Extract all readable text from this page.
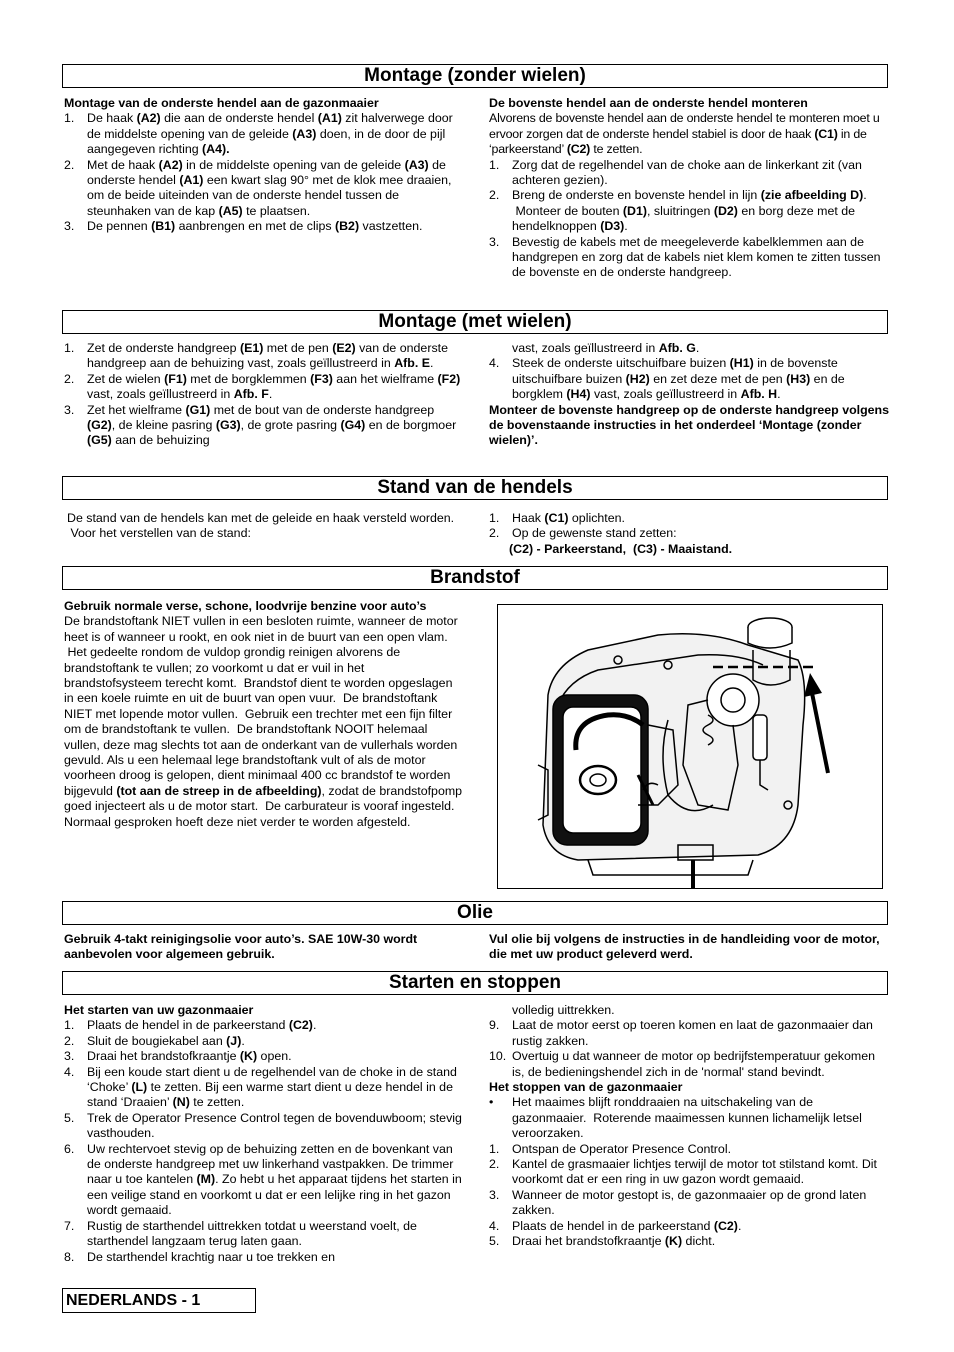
Montage (zonder wielen)

Montage van de onderste hendel aan de gazonmaaier

1. De haak (A2) die aan de onderste hendel (A1) zit halverwege door de middelste opening van de geleide (A3) doen, in de door de pijl aangegeven richting (A4).
2. Met de haak (A2) in de middelste opening van de geleide (A3) de onderste hendel (A1) een kwart slag 90° met de klok mee draaien, om de beide uiteinden van de onderste hendel tussen de steunhaken van de kap (A5) te plaatsen.
3. De pennen (B1) aanbrengen en met de clips (B2) vastzetten.

De bovenste hendel aan de onderste hendel monteren

Alvorens de bovenste hendel aan de onderste hendel te monteren moet u ervoor zorgen dat de onderste hendel stabiel is door de haak (C1) in de ‘parkeerstand’ (C2) te zetten.

1. Zorg dat de regelhendel van de choke aan de linkerkant zit (van achteren gezien).
2. Breng de onderste en bovenste hendel in lijn (zie afbeelding D).  Monteer de bouten (D1), sluitringen (D2) en borg deze met de hendelknoppen (D3).
3. Bevestig de kabels met de meegeleverde kabelklemmen aan de handgrepen en zorg dat de kabels niet klem komen te zitten tussen de bovenste en de onderste handgreep.
Montage (met wielen)
1. Zet de onderste handgreep (E1) met de pen (E2) van de onderste handgreep aan de behuizing vast, zoals geïllustreerd in Afb. E.
2. Zet de wielen (F1) met de borgklemmen (F3) aan het wielframe (F2) vast, zoals geïllustreerd in Afb. F.
3. Zet het wielframe (G1) met de bout van de onderste handgreep (G2), de kleine pasring (G3), de grote pasring (G4) en de borgmoer (G5) aan de behuizing

vast, zoals geïllustreerd in Afb. G.

4. Steek de onderste uitschuifbare buizen (H1) in de bovenste uitschuifbare buizen (H2) en zet deze met de pen (H3) en de borgklem (H4) vast, zoals geïllustreerd in Afb. H.

Monteer de bovenste handgreep op de onderste handgreep volgens de bovenstaande instructies in het onderdeel ‘Montage (zonder wielen)’.

Stand van de hendels

De stand van de hendels kan met de geleide en haak versteld worden.  Voor het verstellen van de stand:

1. Haak (C1) oplichten.
2. Op de gewenste stand zetten:

(C2) - Parkeerstand,  (C3) - Maaistand.

Brandstof

Gebruik normale verse, schone, loodvrije benzine voor auto’s

De brandstoftank NIET vullen in een besloten ruimte, wanneer de motor heet is of wanneer u rookt, en ook niet in de buurt van een open vlam.  Het gedeelte rondom de vuldop grondig reinigen alvorens de brandstoftank te vullen; zo voorkomt u dat er vuil in het brandstofsysteem terecht komt.  Brandstof dient te worden opgeslagen in een koele ruimte en uit de buurt van open vuur.  De brandstoftank NIET met lopende motor vullen.  Gebruik een trechter met een fijn filter om de brandstoftank te vullen.  De brandstoftank NOOIT helemaal vullen, deze mag slechts tot aan de onderkant van de vullerhals worden gevuld. Als u een helemaal lege brandstoftank vult of als de motor voorheen droog is gelopen, dient minimaal 400 cc brandstof te worden bijgevuld (tot aan de streep in de afbeelding), zodat de brandstofpomp goed injecteert als u de motor start.  De carburateur is vooraf ingesteld. Normaal gesproken hoeft deze niet verder te worden afgesteld.

Olie

Gebruik 4-takt reinigingsolie voor auto’s. SAE 10W-30 wordt aanbevolen voor algemeen gebruik.

Vul olie bij volgens de instructies in de handleiding voor de motor, die met uw product geleverd werd.

Starten en stoppen

Het starten van uw gazonmaaier

1. Plaats de hendel in de parkeerstand (C2).
2. Sluit de bougiekabel aan (J).
3. Draai het brandstofkraantje (K) open.
4. Bij een koude start dient u de regelhendel van de choke in de stand ‘Choke’ (L) te zetten. Bij een warme start dient u deze hendel in de stand ‘Draaien’ (N) te zetten.
5. Trek de Operator Presence Control tegen de bovenduwboom; stevig vasthouden.
6. Uw rechtervoet stevig op de behuizing zetten en de bovenkant van de onderste handgreep met uw linkerhand vastpakken. De trimmer naar u toe kantelen (M). Zo hebt u het apparaat tijdens het starten in een veilige stand en voorkomt u dat er een lelijke ring in het gazon wordt gemaaid.
7. Rustig de starthendel uittrekken totdat u weerstand voelt, de starthendel langzaam terug laten gaan.
8. De starthendel krachtig naar u toe trekken en

volledig uittrekken.

9. Laat de motor eerst op toeren komen en laat de gazonmaaier dan rustig zakken.
10. Overtuig u dat wanneer de motor op bedrijfstemperatuur gekomen is, de bedieningshendel zich in de 'normal' stand bevindt.

Het stoppen van de gazonmaaier

• Het maaimes blijft ronddraaien na uitschakeling van de gazonmaaier.  Roterende maaimessen kunnen lichamelijk letsel veroorzaken.
1. Ontspan de Operator Presence Control.
2. Kantel de grasmaaier lichtjes terwijl de motor tot stilstand komt. Dit voorkomt dat er een ring in uw gazon wordt gemaaid.
3. Wanneer de motor gestopt is, de gazonmaaier op de grond laten zakken.
4. Plaats de hendel in de parkeerstand (C2).
5. Draai het brandstofkraantje (K) dicht.
NEDERLANDS - 1
